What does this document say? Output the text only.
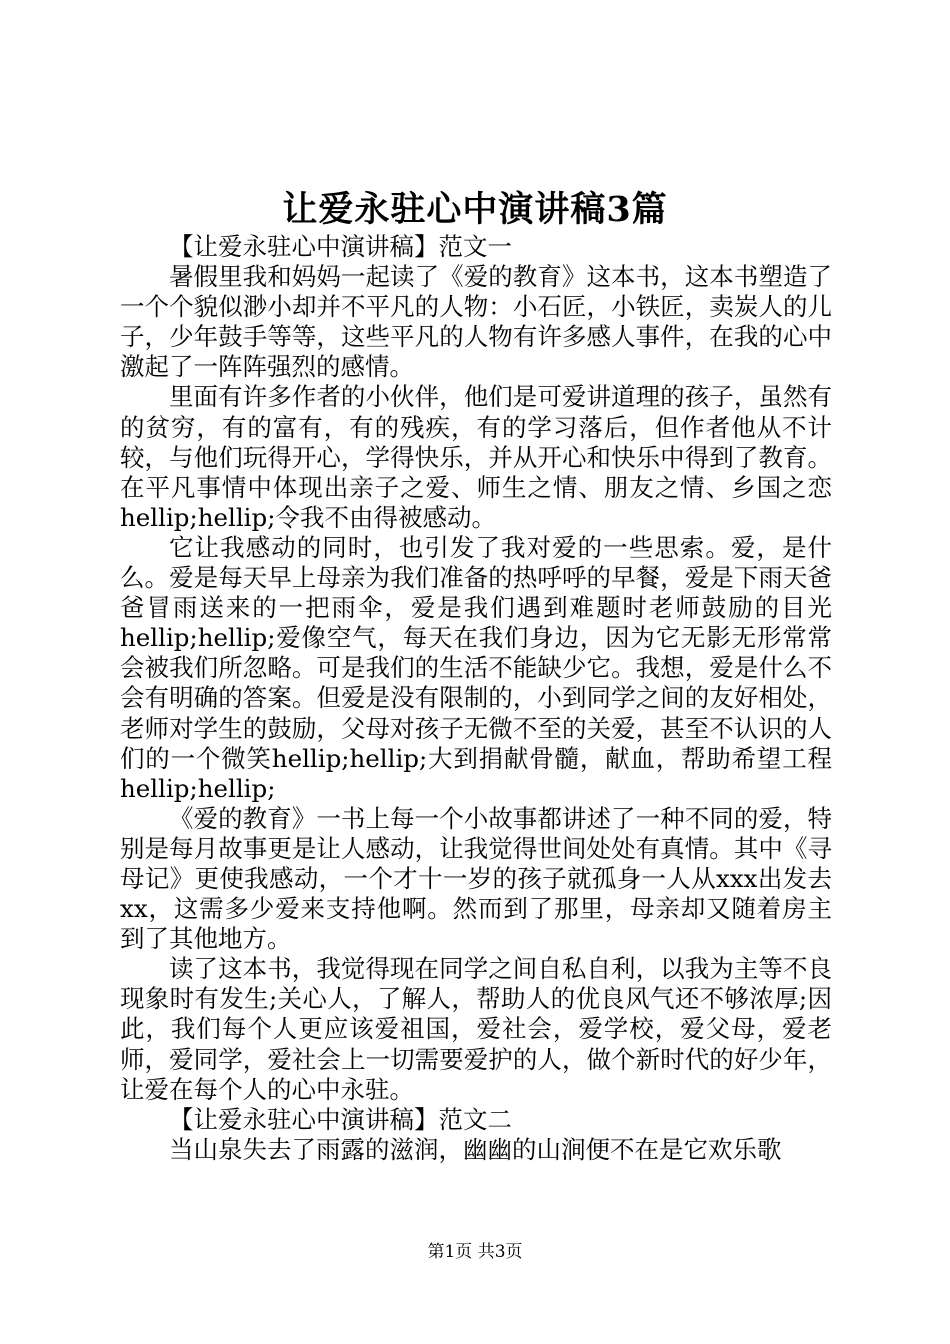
让爱永驻心中演讲稿3篇

【让爱永驻心中演讲稿】范文一

暑假里我和妈妈一起读了《爱的教育》这本书，这本书塑造了一个个貌似渺小却并不平凡的人物：小石匠，小铁匠，卖炭人的儿子，少年鼓手等等，这些平凡的人物有许多感人事件，在我的心中激起了一阵阵强烈的感情。

里面有许多作者的小伙伴，他们是可爱讲道理的孩子，虽然有的贫穷，有的富有，有的残疾，有的学习落后，但作者他从不计较，与他们玩得开心，学得快乐，并从开心和快乐中得到了教育。在平凡事情中体现出亲子之爱、师生之情、朋友之情、乡国之恋hellip;hellip;令我不由得被感动。

它让我感动的同时，也引发了我对爱的一些思索。爱，是什么。爱是每天早上母亲为我们准备的热呼呼的早餐，爱是下雨天爸爸冒雨送来的一把雨伞，爱是我们遇到难题时老师鼓励的目光hellip;hellip;爱像空气，每天在我们身边，因为它无影无形常常会被我们所忽略。可是我们的生活不能缺少它。我想，爱是什么不会有明确的答案。但爱是没有限制的，小到同学之间的友好相处，老师对学生的鼓励，父母对孩子无微不至的关爱，甚至不认识的人们的一个微笑hellip;hellip;大到捐献骨髓，献血，帮助希望工程hellip;hellip;

《爱的教育》一书上每一个小故事都讲述了一种不同的爱，特别是每月故事更是让人感动，让我觉得世间处处有真情。其中《寻母记》更使我感动，一个才十一岁的孩子就孤身一人从xxx出发去xx，这需多少爱来支持他啊。然而到了那里，母亲却又随着房主到了其他地方。

读了这本书，我觉得现在同学之间自私自利，以我为主等不良现象时有发生;关心人，了解人，帮助人的优良风气还不够浓厚;因此，我们每个人更应该爱祖国，爱社会，爱学校，爱父母，爱老师，爱同学，爱社会上一切需要爱护的人，做个新时代的好少年，让爱在每个人的心中永驻。

【让爱永驻心中演讲稿】范文二

当山泉失去了雨露的滋润，幽幽的山涧便不在是它欢乐歌

第1页 共3页
